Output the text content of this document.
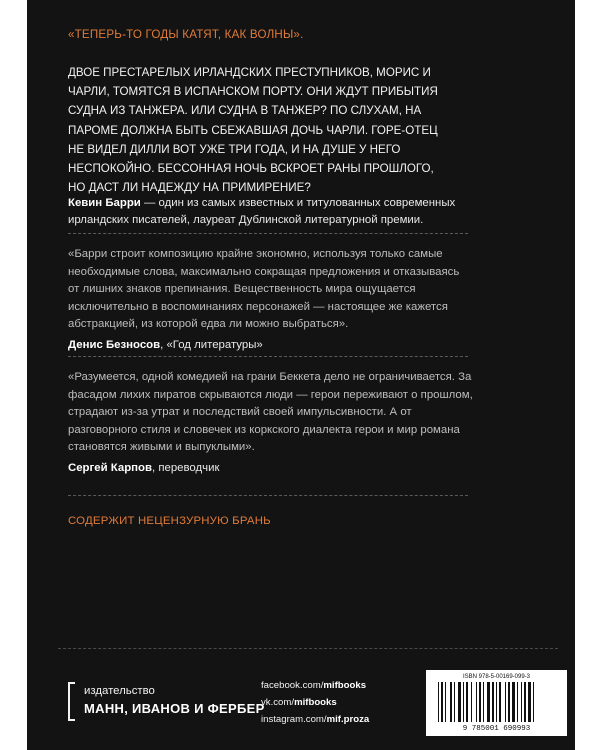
«ТЕПЕРЬ-ТО ГОДЫ КАТЯТ, КАК ВОЛНЫ».
ДВОЕ ПРЕСТАРЕЛЫХ ИРЛАНДСКИХ ПРЕСТУПНИКОВ, МОРИС И ЧАРЛИ, ТОМЯТСЯ В ИСПАНСКОМ ПОРТУ. ОНИ ЖДУТ ПРИБЫТИЯ СУДНА ИЗ ТАНЖЕРА. ИЛИ СУДНА В ТАНЖЕР? ПО СЛУХАМ, НА ПАРОМЕ ДОЛЖНА БЫТЬ СБЕЖАВШАЯ ДОЧЬ ЧАРЛИ. ГОРЕ-ОТЕЦ НЕ ВИДЕЛ ДИЛЛИ ВОТ УЖЕ ТРИ ГОДА, И НА ДУШЕ У НЕГО НЕСПОКОЙНО. БЕССОННАЯ НОЧЬ ВСКРОЕТ РАНЫ ПРОШЛОГО, НО ДАСТ ЛИ НАДЕЖДУ НА ПРИМИРЕНИЕ?
Кевин Барри — один из самых известных и титулованных современных ирландских писателей, лауреат Дублинской литературной премии.
«Барри строит композицию крайне экономно, используя только самые необходимые слова, максимально сокращая предложения и отказываясь от лишних знаков препинания. Вещественность мира ощущается исключительно в воспоминаниях персонажей — настоящее же кажется абстракцией, из которой едва ли можно выбраться».
Денис Безносов, «Год литературы»
«Разумеется, одной комедией на грани Беккета дело не ограничивается. За фасадом лихих пиратов скрываются люди — герои переживают о прошлом, страдают из-за утрат и последствий своей импульсивности. А от разговорного стиля и словечек из коркского диалекта герои и мир романа становятся живыми и выпуклыми».
Сергей Карпов, переводчик
СОДЕРЖИТ НЕЦЕНЗУРНУЮ БРАНЬ
издательство
МАНН, ИВАНОВ И ФЕРБЕР
facebook.com/mifbooks
vk.com/mifbooks
instagram.com/mif.proza
ISBN 978-5-00169-099-3
9 785001 690993
